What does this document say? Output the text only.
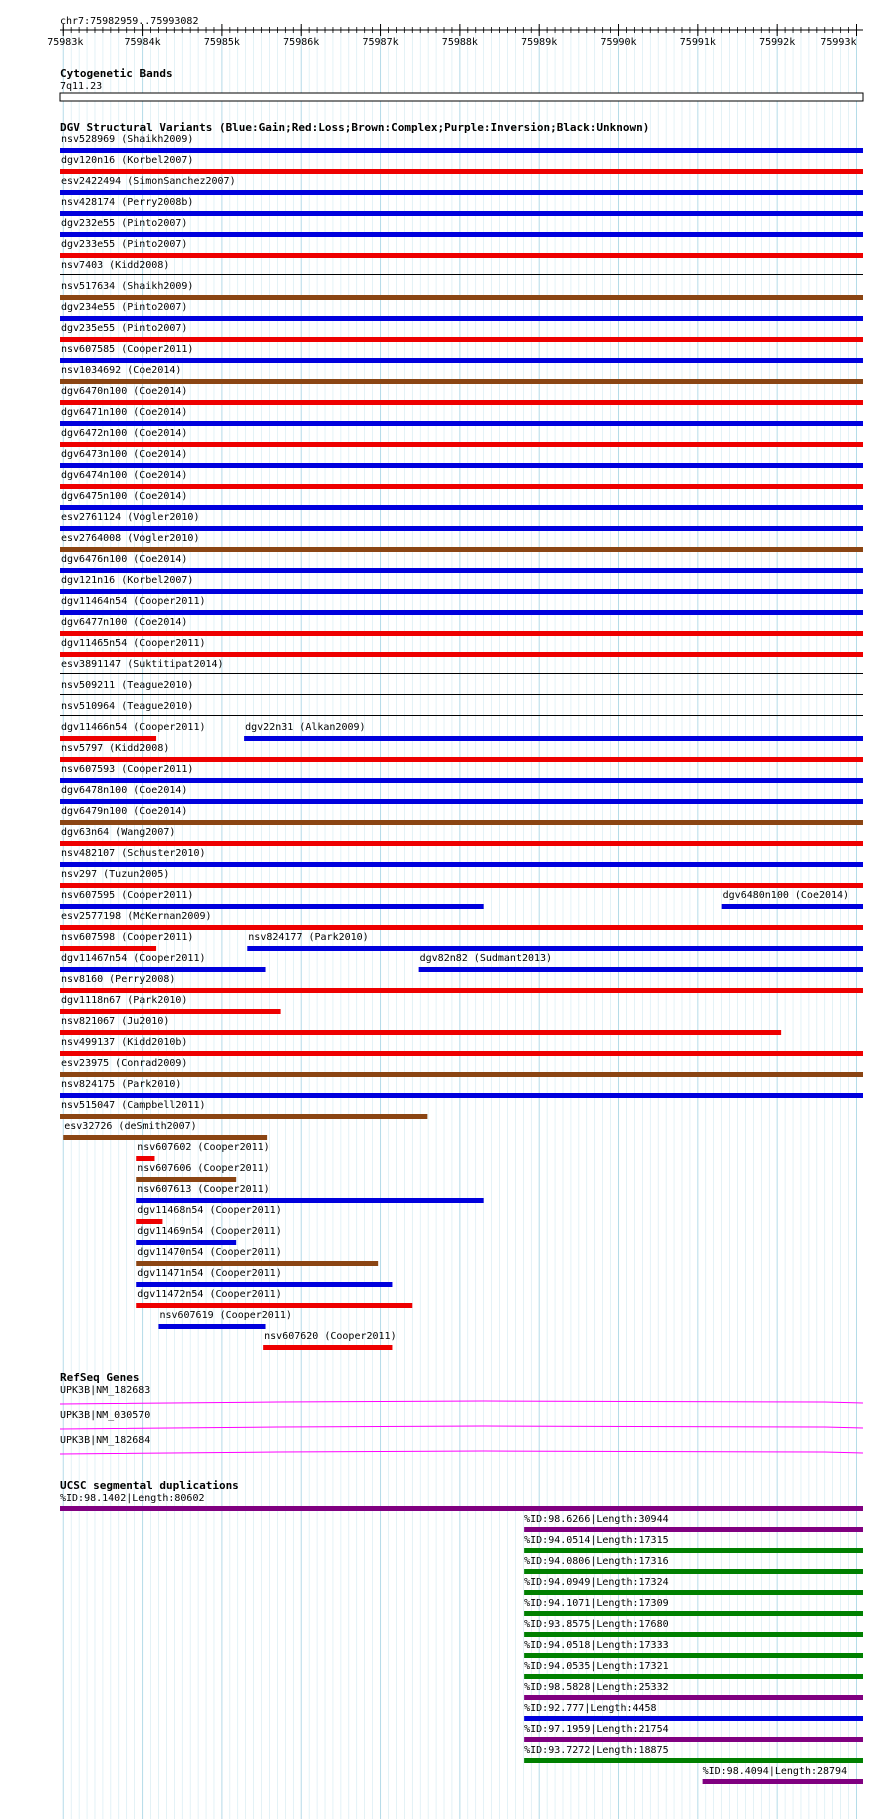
chr7:75982959..75993082
75983k	75984k	75985k	75986k	75987k	75988k	75989k	75990k	75991k	75992k	75993k
Cytogenetic Bands
7q11.23
DGV Structural Variants (Blue:Gain;Red:Loss;Brown:Complex;Purple:Inversion;Black:Unknown)
nsv528969 (Shaikh2009)
dgv120n16 (Korbel2007)
esv2422494 (SimonSanchez2007)
nsv428174 (Perry2008b)
dgv232e55 (Pinto2007)
dgv233e55 (Pinto2007)
nsv7403 (Kidd2008)
nsv517634 (Shaikh2009)
dgv234e55 (Pinto2007)
dgv235e55 (Pinto2007)
nsv607585 (Cooper2011)
nsv1034692 (Coe2014)
dgv6470n100 (Coe2014)
dgv6471n100 (Coe2014)
dgv6472n100 (Coe2014)
dgv6473n100 (Coe2014)
dgv6474n100 (Coe2014)
dgv6475n100 (Coe2014)
esv2761124 (Vogler2010)
esv2764008 (Vogler2010)
dgv6476n100 (Coe2014)
dgv121n16 (Korbel2007)
dgv11464n54 (Cooper2011)
dgv6477n100 (Coe2014)
dgv11465n54 (Cooper2011)
esv3891147 (Suktitipat2014)
nsv509211 (Teague2010)
nsv510964 (Teague2010)
dgv11466n54 (Cooper2011)	dgv22n31 (Alkan2009)
nsv5797 (Kidd2008)
nsv607593 (Cooper2011)
dgv6478n100 (Coe2014)
dgv6479n100 (Coe2014)
dgv63n64 (Wang2007)
nsv482107 (Schuster2010)
nsv297 (Tuzun2005)
nsv607595 (Cooper2011)	dgv6480n100 (Coe2014)
esv2577198 (McKernan2009)
nsv607598 (Cooper2011)	nsv824177 (Park2010)
dgv11467n54 (Cooper2011)	dgv82n82 (Sudmant2013)
nsv8160 (Perry2008)
dgv1118n67 (Park2010)
nsv821067 (Ju2010)
nsv499137 (Kidd2010b)
esv23975 (Conrad2009)
nsv824175 (Park2010)
nsv515047 (Campbell2011)
esv32726 (deSmith2007)
nsv607602 (Cooper2011)
nsv607606 (Cooper2011)
nsv607613 (Cooper2011)
dgv11468n54 (Cooper2011)
dgv11469n54 (Cooper2011)
dgv11470n54 (Cooper2011)
dgv11471n54 (Cooper2011)
dgv11472n54 (Cooper2011)
nsv607619 (Cooper2011)
nsv607620 (Cooper2011)
RefSeq Genes
UPK3B|NM_182683
UPK3B|NM_030570
UPK3B|NM_182684
UCSC segmental duplications
%ID:98.1402|Length:80602
%ID:98.6266|Length:30944
%ID:94.0514|Length:17315
%ID:94.0806|Length:17316
%ID:94.0949|Length:17324
%ID:94.1071|Length:17309
%ID:93.8575|Length:17680
%ID:94.0518|Length:17333
%ID:94.0535|Length:17321
%ID:98.5828|Length:25332
%ID:92.777|Length:4458
%ID:97.1959|Length:21754
%ID:93.7272|Length:18875
%ID:98.4094|Length:28794
